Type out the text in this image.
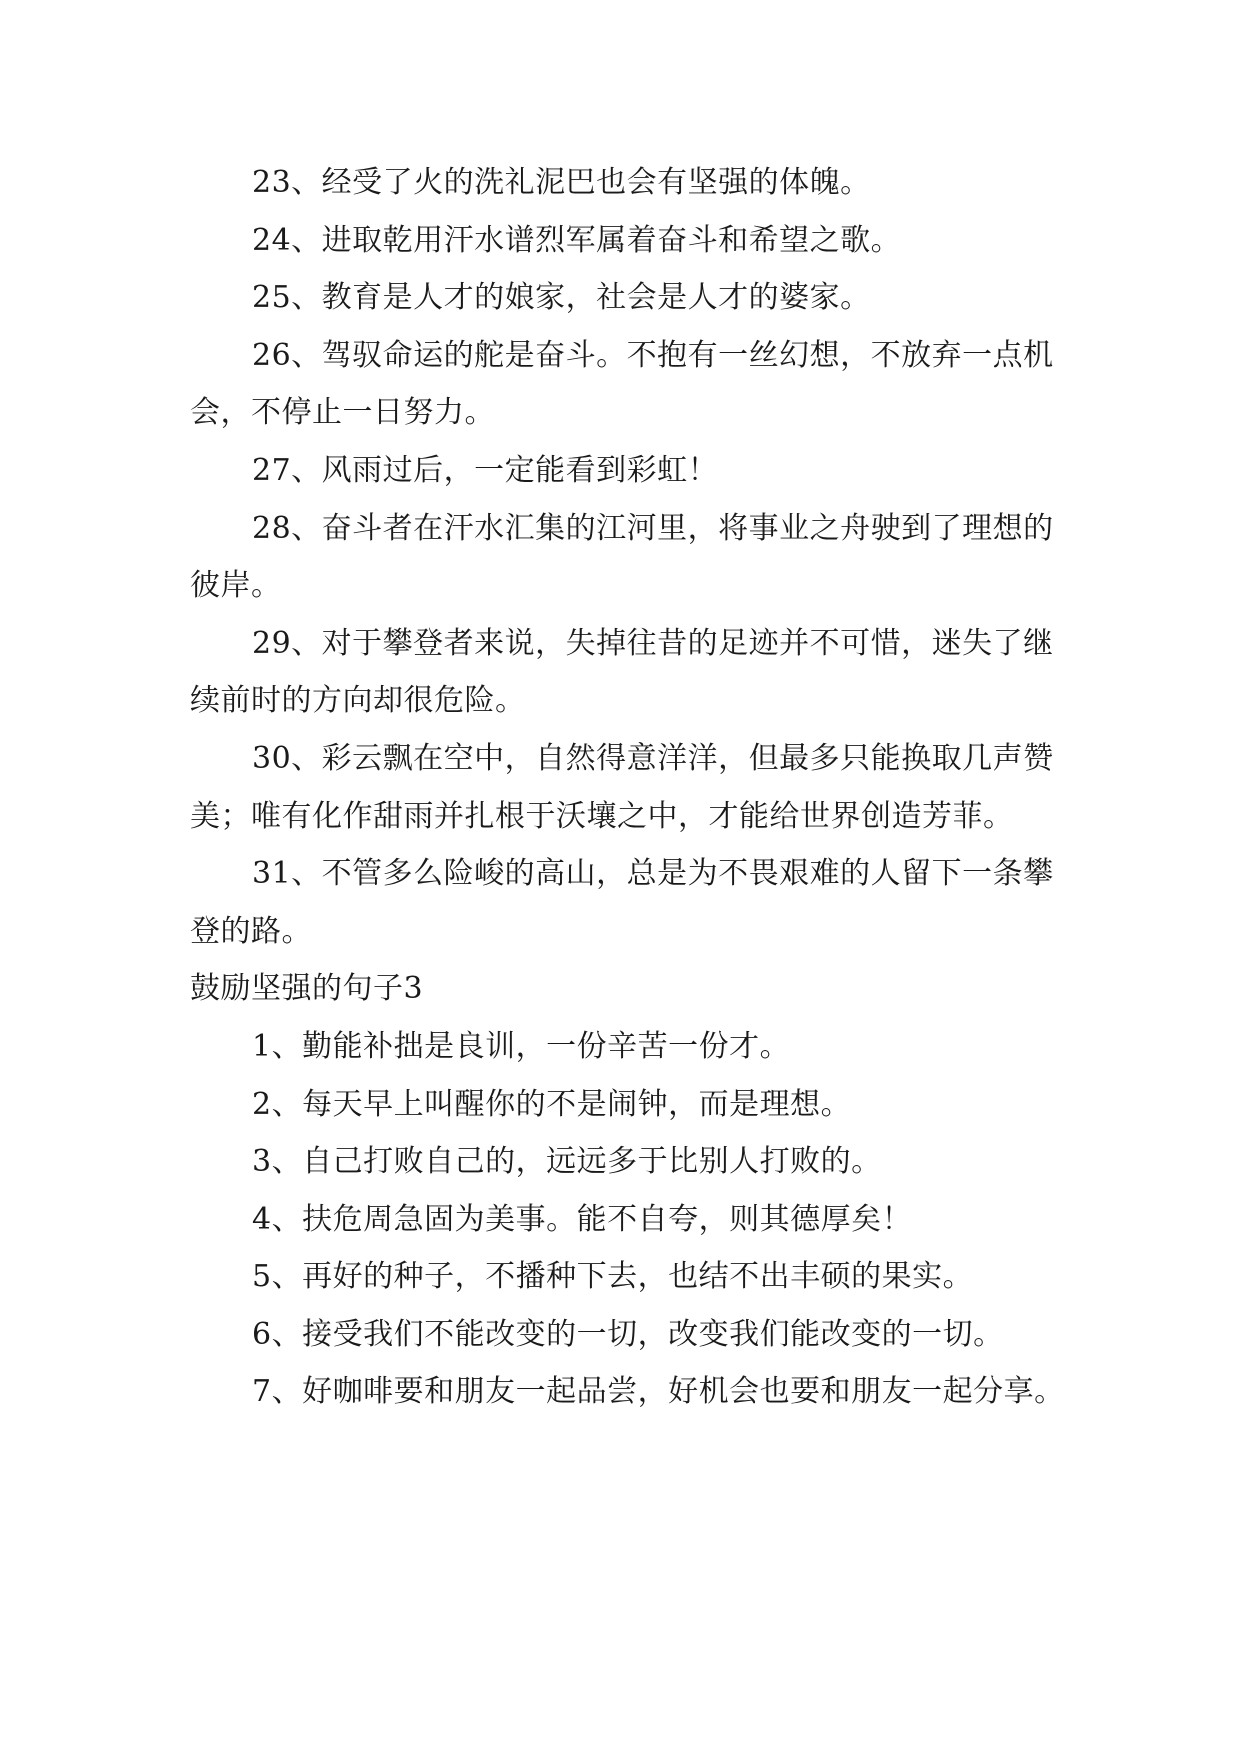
23、经受了火的洗礼泥巴也会有坚强的体魄。

24、进取乾用汗水谱烈军属着奋斗和希望之歌。

25、教育是人才的娘家，社会是人才的婆家。

26、驾驭命运的舵是奋斗。不抱有一丝幻想，不放弃一点机会，不停止一日努力。

27、风雨过后，一定能看到彩虹！

28、奋斗者在汗水汇集的江河里，将事业之舟驶到了理想的彼岸。

29、对于攀登者来说，失掉往昔的足迹并不可惜，迷失了继续前时的方向却很危险。

30、彩云飘在空中，自然得意洋洋，但最多只能换取几声赞美；唯有化作甜雨并扎根于沃壤之中，才能给世界创造芳菲。

31、不管多么险峻的高山，总是为不畏艰难的人留下一条攀登的路。

鼓励坚强的句子3

1、勤能补拙是良训，一份辛苦一份才。

2、每天早上叫醒你的不是闹钟，而是理想。

3、自己打败自己的，远远多于比别人打败的。

4、扶危周急固为美事。能不自夸，则其德厚矣！

5、再好的种子，不播种下去，也结不出丰硕的果实。

6、接受我们不能改变的一切，改变我们能改变的一切。

7、好咖啡要和朋友一起品尝，好机会也要和朋友一起分享。
